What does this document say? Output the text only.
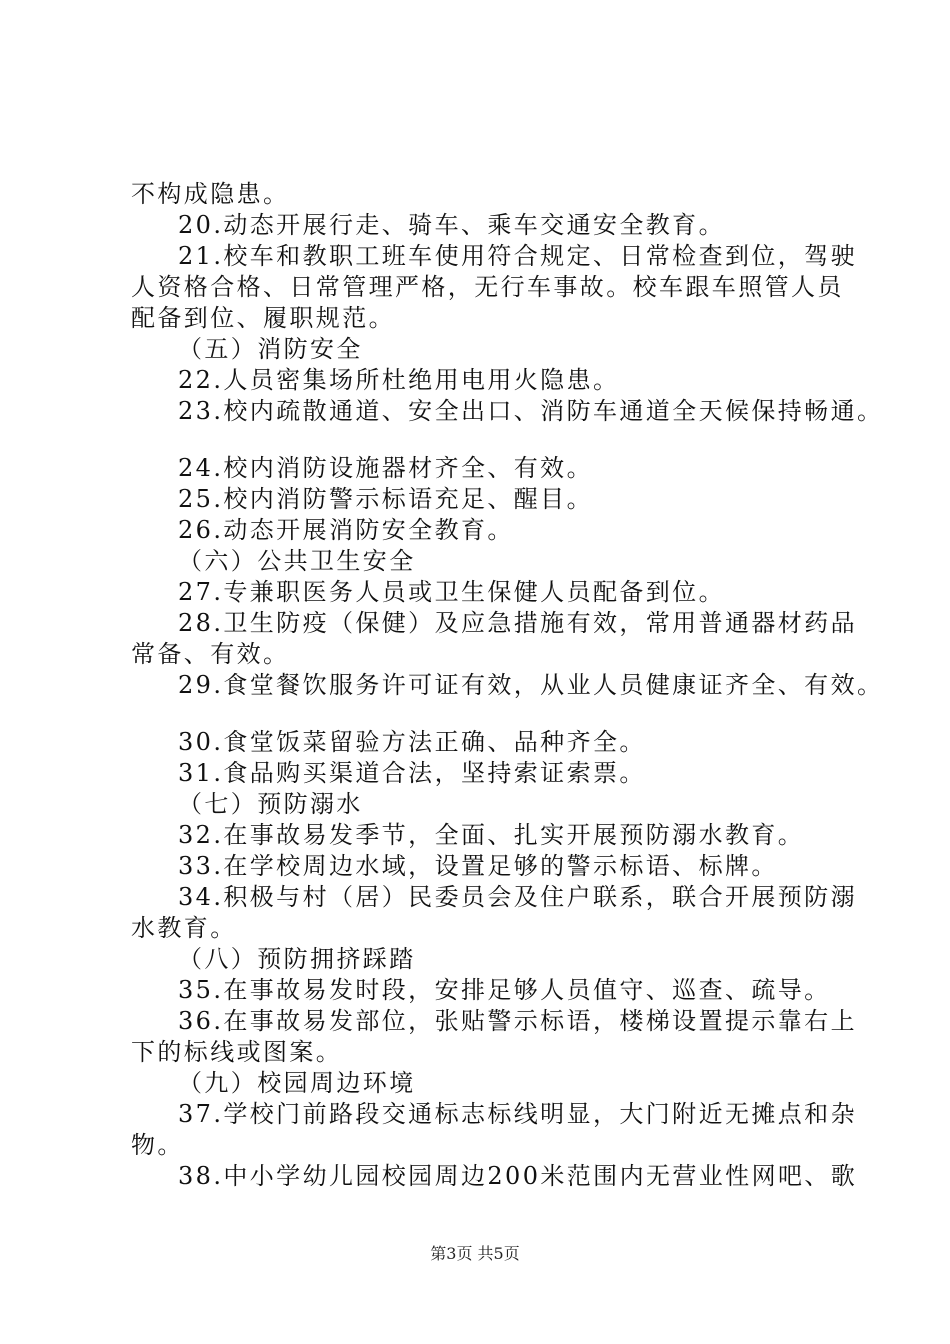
不构成隐患。
20.动态开展行走、骑车、乘车交通安全教育。
21.校车和教职工班车使用符合规定、日常检查到位，驾驶
人资格合格、日常管理严格，无行车事故。校车跟车照管人员
配备到位、履职规范。
（五）消防安全
22.人员密集场所杜绝用电用火隐患。
23.校内疏散通道、安全出口、消防车通道全天候保持畅通。
24.校内消防设施器材齐全、有效。
25.校内消防警示标语充足、醒目。
26.动态开展消防安全教育。
（六）公共卫生安全
27.专兼职医务人员或卫生保健人员配备到位。
28.卫生防疫（保健）及应急措施有效，常用普通器材药品
常备、有效。
29.食堂餐饮服务许可证有效，从业人员健康证齐全、有效。
30.食堂饭菜留验方法正确、品种齐全。
31.食品购买渠道合法，坚持索证索票。
（七）预防溺水
32.在事故易发季节，全面、扎实开展预防溺水教育。
33.在学校周边水域，设置足够的警示标语、标牌。
34.积极与村（居）民委员会及住户联系，联合开展预防溺
水教育。
（八）预防拥挤踩踏
35.在事故易发时段，安排足够人员值守、巡查、疏导。
36.在事故易发部位，张贴警示标语，楼梯设置提示靠右上
下的标线或图案。
（九）校园周边环境
37.学校门前路段交通标志标线明显，大门附近无摊点和杂
物。
38.中小学幼儿园校园周边200米范围内无营业性网吧、歌
第3页 共5页
